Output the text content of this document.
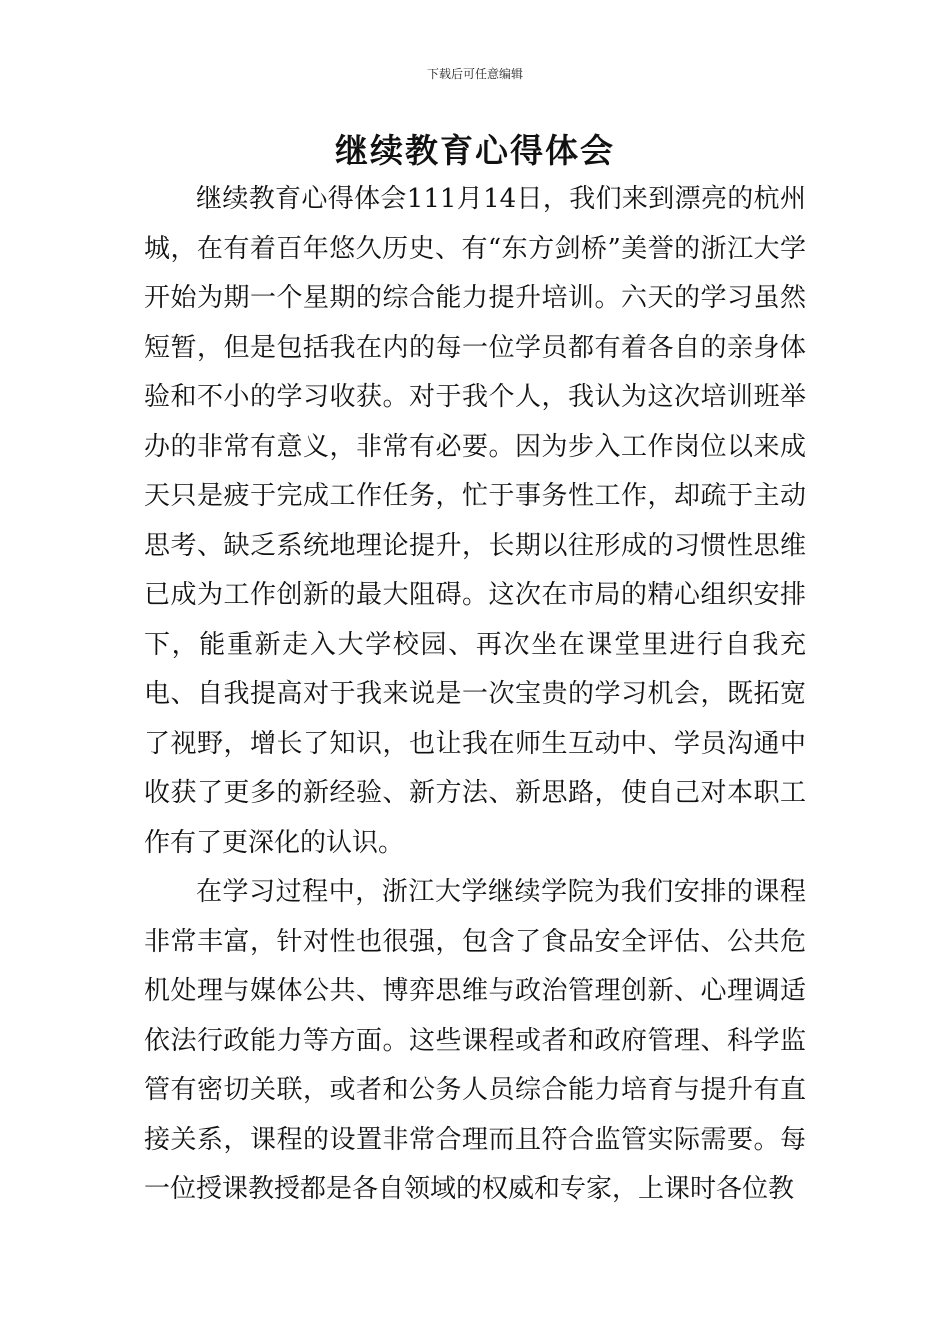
下载后可任意编辑
继续教育心得体会

继续教育心得体会111月14日，我们来到漂亮的杭州城，在有着百年悠久历史、有“东方剑桥”美誉的浙江大学开始为期一个星期的综合能力提升培训。六天的学习虽然短暂，但是包括我在内的每一位学员都有着各自的亲身体验和不小的学习收获。对于我个人，我认为这次培训班举办的非常有意义，非常有必要。因为步入工作岗位以来成天只是疲于完成工作任务，忙于事务性工作，却疏于主动思考、缺乏系统地理论提升，长期以往形成的习惯性思维已成为工作创新的最大阻碍。这次在市局的精心组织安排下，能重新走入大学校园、再次坐在课堂里进行自我充电、自我提高对于我来说是一次宝贵的学习机会，既拓宽了视野，增长了知识，也让我在师生互动中、学员沟通中收获了更多的新经验、新方法、新思路，使自己对本职工作有了更深化的认识。

在学习过程中，浙江大学继续学院为我们安排的课程非常丰富，针对性也很强，包含了食品安全评估、公共危机处理与媒体公共、博弈思维与政治管理创新、心理调适依法行政能力等方面。这些课程或者和政府管理、科学监管有密切关联，或者和公务人员综合能力培育与提升有直接关系，课程的设置非常合理而且符合监管实际需要。每一位授课教授都是各自领域的权威和专家，上课时各位教
